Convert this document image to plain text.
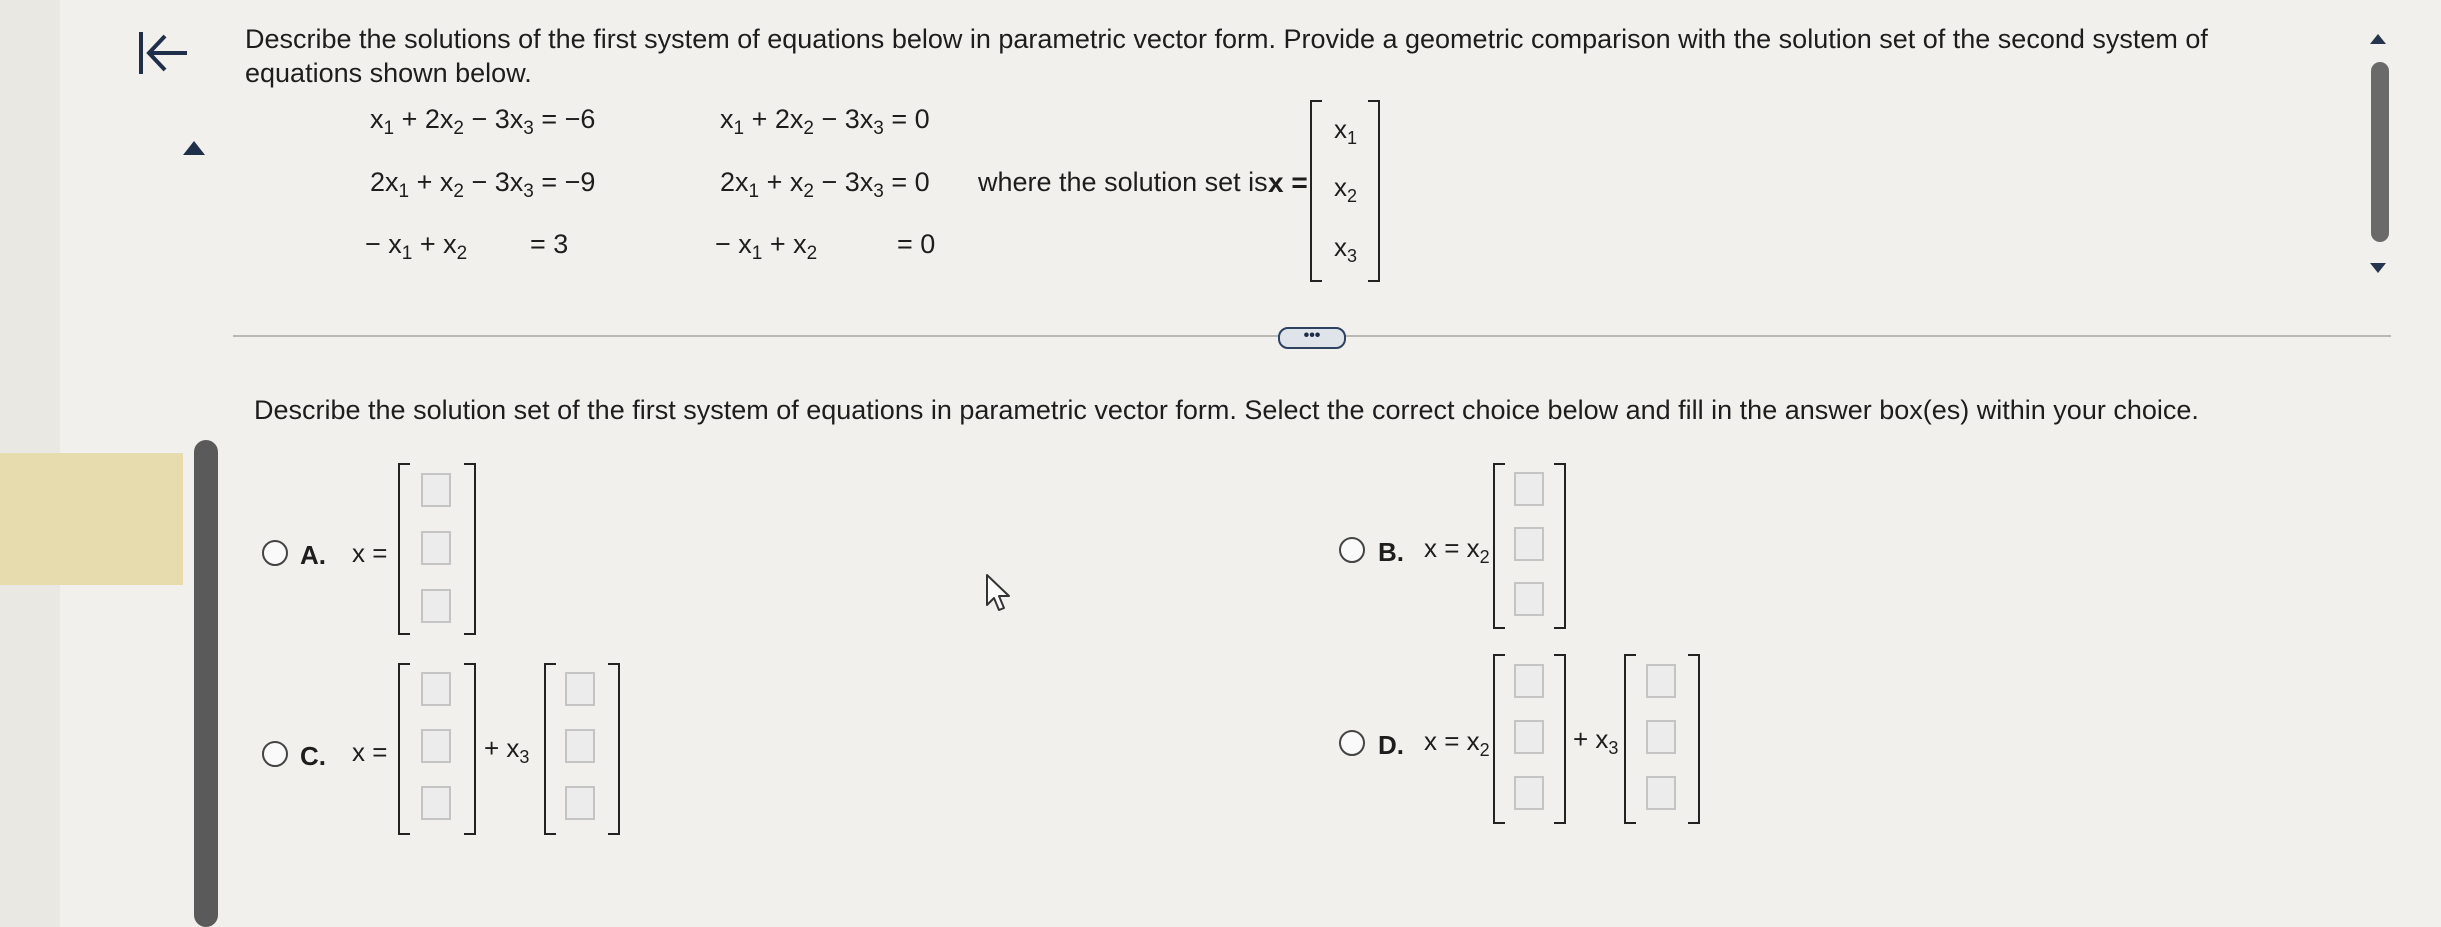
Describe the solutions of the first system of equations below in parametric vector form. Provide a geometric comparison with the solution set of the second system of equations shown below.
$x_1 + 2x_2 - 3x_3 = -6$
$2x_1 + x_2 - 3x_3 = -9$
− $x_1 + x_2 = 3$
$x_1 + 2x_2 - 3x_3 = 0$
$2x_1 + x_2 - 3x_3 = 0$
− $x_1 + x_2$	= 0
where the solution set is x =
$x_1$
$x_2$
$x_3$
•••
Describe the solution set of the first system of equations in parametric vector form. Select the correct choice below and fill in the answer box(es) within your choice.
A. x =	B. $x = x_2$
C. x =	+ $x_3$	D. $x = x_2$	+ $x_3$
